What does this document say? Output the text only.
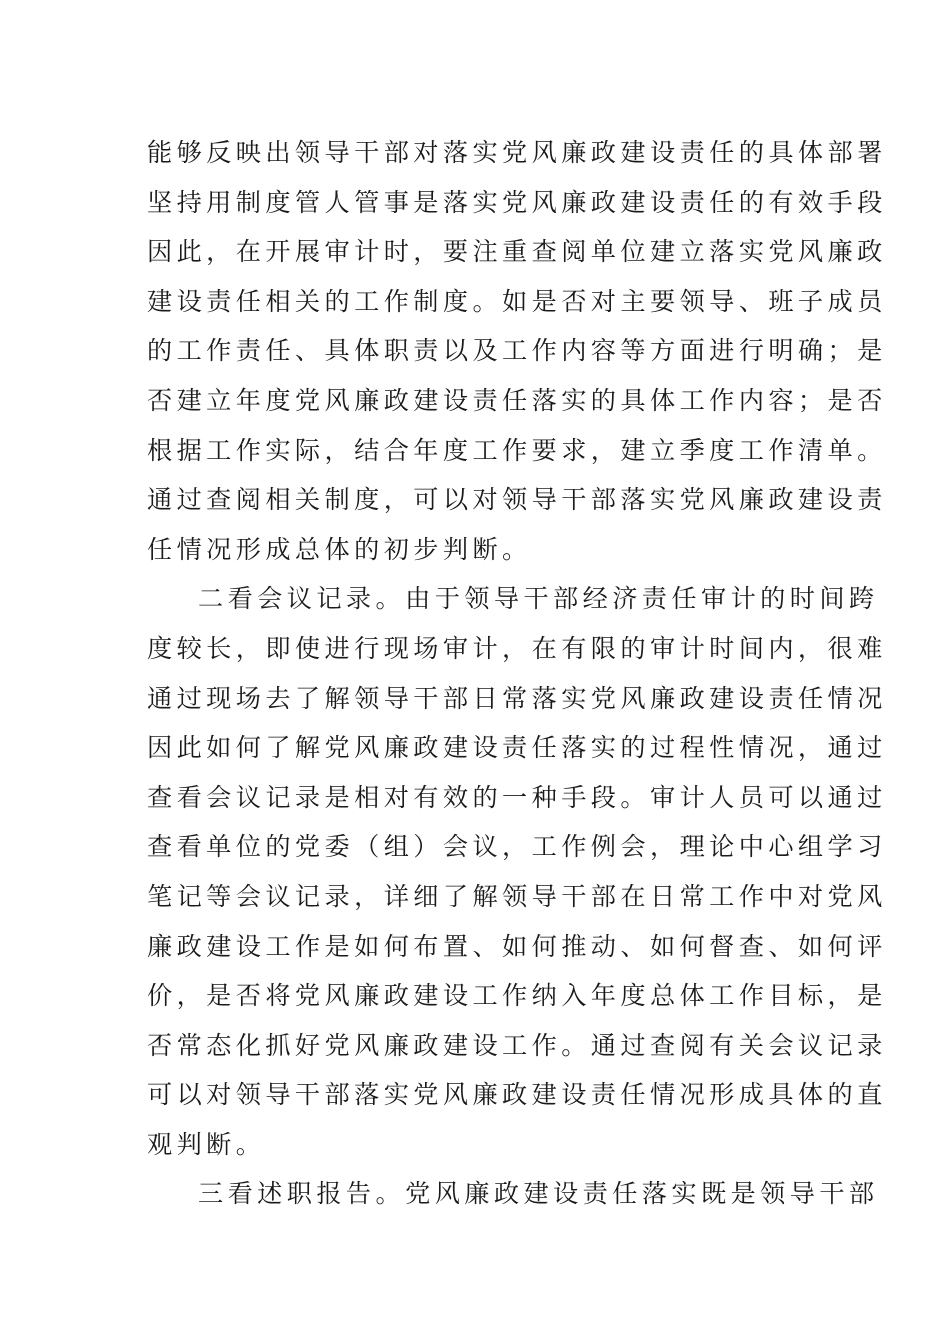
能够反映出领导干部对落实党风廉政建设责任的具体部署
坚持用制度管人管事是落实党风廉政建设责任的有效手段
因此，在开展审计时，要注重查阅单位建立落实党风廉政
建设责任相关的工作制度。如是否对主要领导、班子成员
的工作责任、具体职责以及工作内容等方面进行明确；是
否建立年度党风廉政建设责任落实的具体工作内容；是否
根据工作实际，结合年度工作要求，建立季度工作清单。
通过查阅相关制度，可以对领导干部落实党风廉政建设责
任情况形成总体的初步判断。
二看会议记录。由于领导干部经济责任审计的时间跨
度较长，即使进行现场审计，在有限的审计时间内，很难
通过现场去了解领导干部日常落实党风廉政建设责任情况
因此如何了解党风廉政建设责任落实的过程性情况，通过
查看会议记录是相对有效的一种手段。审计人员可以通过
查看单位的党委（组）会议，工作例会，理论中心组学习
笔记等会议记录，详细了解领导干部在日常工作中对党风
廉政建设工作是如何布置、如何推动、如何督查、如何评
价，是否将党风廉政建设工作纳入年度总体工作目标，是
否常态化抓好党风廉政建设工作。通过查阅有关会议记录
可以对领导干部落实党风廉政建设责任情况形成具体的直
观判断。
三看述职报告。党风廉政建设责任落实既是领导干部
